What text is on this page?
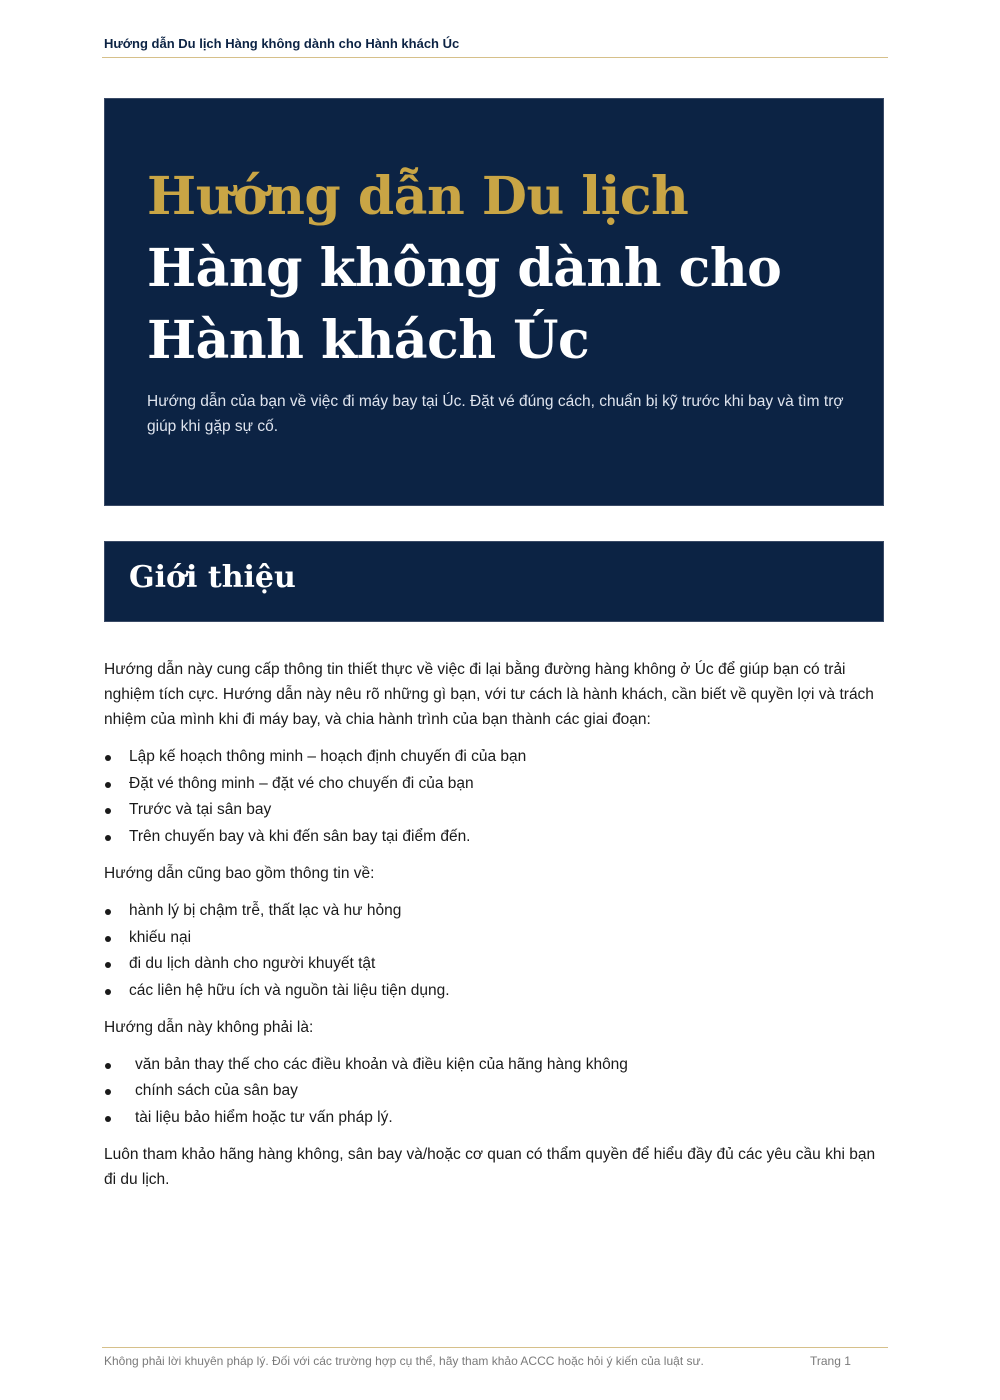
Hướng dẫn Du lịch Hàng không dành cho Hành khách Úc
Hướng dẫn Du lịch
Hàng không dành cho
Hành khách Úc

Hướng dẫn của bạn về việc đi máy bay tại Úc. Đặt vé đúng cách, chuẩn bị kỹ trước khi bay và tìm trợ giúp khi gặp sự cố.

Giới thiệu

Hướng dẫn này cung cấp thông tin thiết thực về việc đi lại bằng đường hàng không ở Úc để giúp bạn có trải nghiệm tích cực. Hướng dẫn này nêu rõ những gì bạn, với tư cách là hành khách, cần biết về quyền lợi và trách nhiệm của mình khi đi máy bay, và chia hành trình của bạn thành các giai đoạn:

Lập kế hoạch thông minh – hoạch định chuyến đi của bạn
Đặt vé thông minh – đặt vé cho chuyến đi của bạn
Trước và tại sân bay
Trên chuyến bay và khi đến sân bay tại điểm đến.

Hướng dẫn cũng bao gồm thông tin về:

hành lý bị chậm trễ, thất lạc và hư hỏng
khiếu nại
đi du lịch dành cho người khuyết tật
các liên hệ hữu ích và nguồn tài liệu tiện dụng.

Hướng dẫn này không phải là:

văn bản thay thế cho các điều khoản và điều kiện của hãng hàng không
chính sách của sân bay
tài liệu bảo hiểm hoặc tư vấn pháp lý.

Luôn tham khảo hãng hàng không, sân bay và/hoặc cơ quan có thẩm quyền để hiểu đầy đủ các yêu cầu khi bạn đi du lịch.

Không phải lời khuyên pháp lý. Đối với các trường hợp cụ thể, hãy tham khảo ACCC hoặc hỏi ý kiến của luật sư.	Trang 1
